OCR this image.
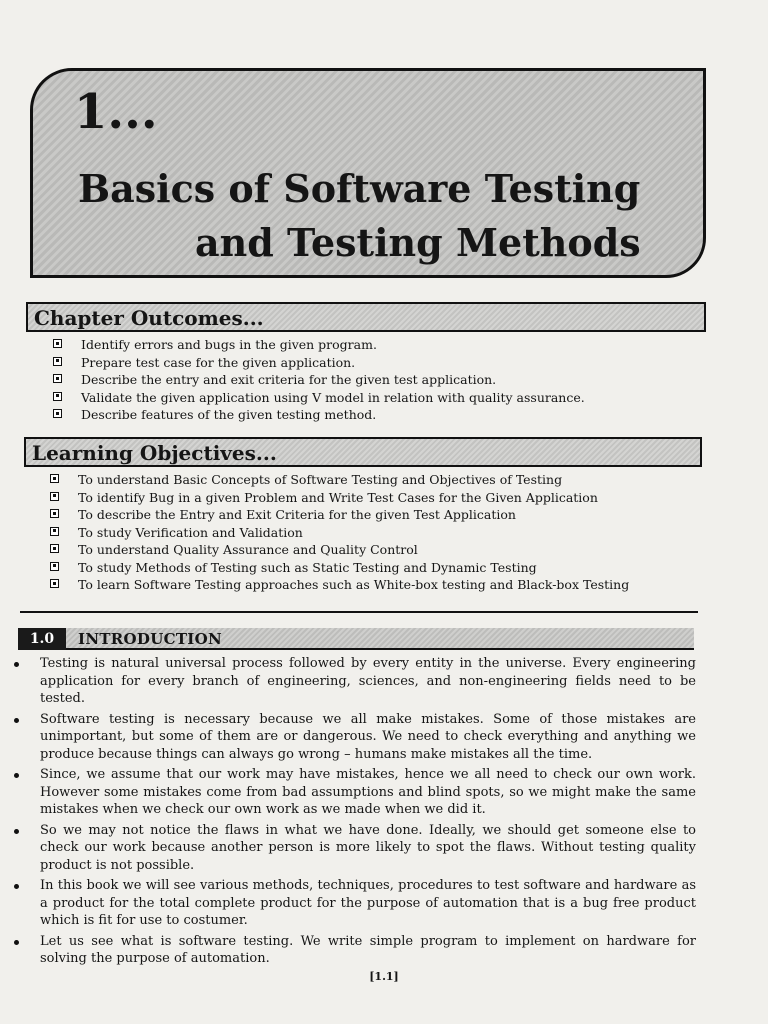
1...
Basics of Software Testing
and Testing Methods
Chapter Outcomes...
Identify errors and bugs in the given program.
Prepare test case for the given application.
Describe the entry and exit criteria for the given test application.
Validate the given application using V model in relation with quality assurance.
Describe features of the given testing method.
Learning Objectives...
To understand Basic Concepts of Software Testing and Objectives of Testing
To identify Bug in a given Problem and Write Test Cases for the Given Application
To describe the Entry and Exit Criteria for the given Test Application
To study Verification and Validation
To understand Quality Assurance and Quality Control
To study Methods of Testing such as Static Testing and Dynamic Testing
To learn Software Testing approaches such as White-box testing and Black-box Testing
1.0	INTRODUCTION
Testing is natural universal process followed by every entity in the universe. Every engineering application for every branch of engineering, sciences, and non-engineering fields need to be tested.
Software testing is necessary because we all make mistakes. Some of those mistakes are unimportant, but some of them are or dangerous. We need to check everything and anything we produce because things can always go wrong – humans make mistakes all the time.
Since, we assume that our work may have mistakes, hence we all need to check our own work. However some mistakes come from bad assumptions and blind spots, so we might make the same mistakes when we check our own work as we made when we did it.
So we may not notice the flaws in what we have done. Ideally, we should get someone else to check our work because another person is more likely to spot the flaws. Without testing quality product is not possible.
In this book we will see various methods, techniques, procedures to test software and hardware as a product for the total complete product for the purpose of automation that is a bug free product which is fit for use to costumer.
Let us see what is software testing. We write simple program to implement on hardware for solving the purpose of automation.
[1.1]
